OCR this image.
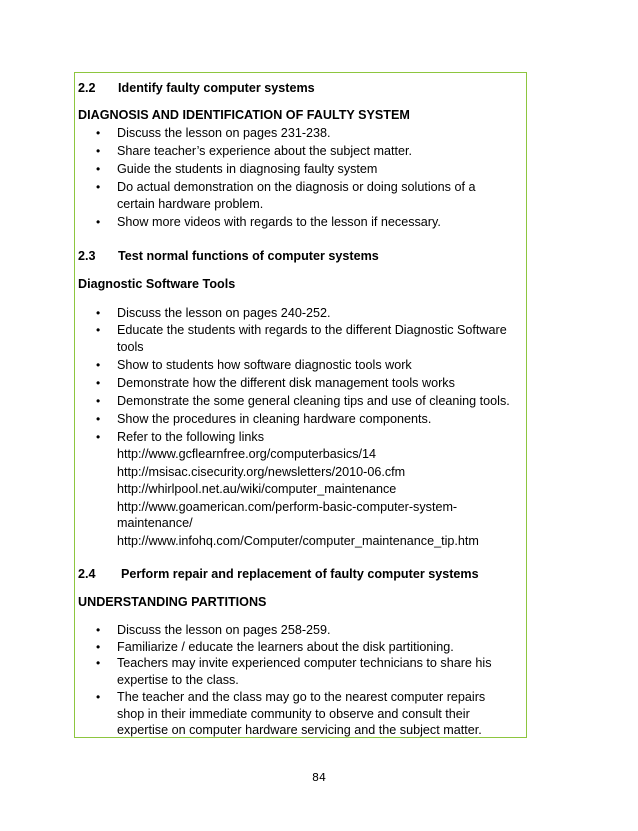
2.2 Identify faulty computer systems
DIAGNOSIS AND IDENTIFICATION OF FAULTY SYSTEM
• Discuss the lesson on pages 231-238.
• Share teacher’s experience about the subject matter.
• Guide the students in diagnosing faulty system
• Do actual demonstration on the diagnosis or doing solutions of a
certain hardware problem.
• Show more videos with regards to the lesson if necessary.
2.3 Test normal functions of computer systems
Diagnostic Software Tools
• Discuss the lesson on pages 240-252.
• Educate the students with regards to the different Diagnostic Software
tools
• Show to students how software diagnostic tools work
• Demonstrate how the different disk management tools works
• Demonstrate the some general cleaning tips and use of cleaning tools.
• Show the procedures in cleaning hardware components.
• Refer to the following links
http://www.gcflearnfree.org/computerbasics/14
http://msisac.cisecurity.org/newsletters/2010-06.cfm
http://whirlpool.net.au/wiki/computer_maintenance
http://www.goamerican.com/perform-basic-computer-system-
maintenance/
http://www.infohq.com/Computer/computer_maintenance_tip.htm
2.4 Perform repair and replacement of faulty computer systems
UNDERSTANDING PARTITIONS
• Discuss the lesson on pages 258-259.
• Familiarize / educate the learners about the disk partitioning.
• Teachers may invite experienced computer technicians to share his
expertise to the class.
• The teacher and the class may go to the nearest computer repairs
shop in their immediate community to observe and consult their
expertise on computer hardware servicing and the subject matter.
84
